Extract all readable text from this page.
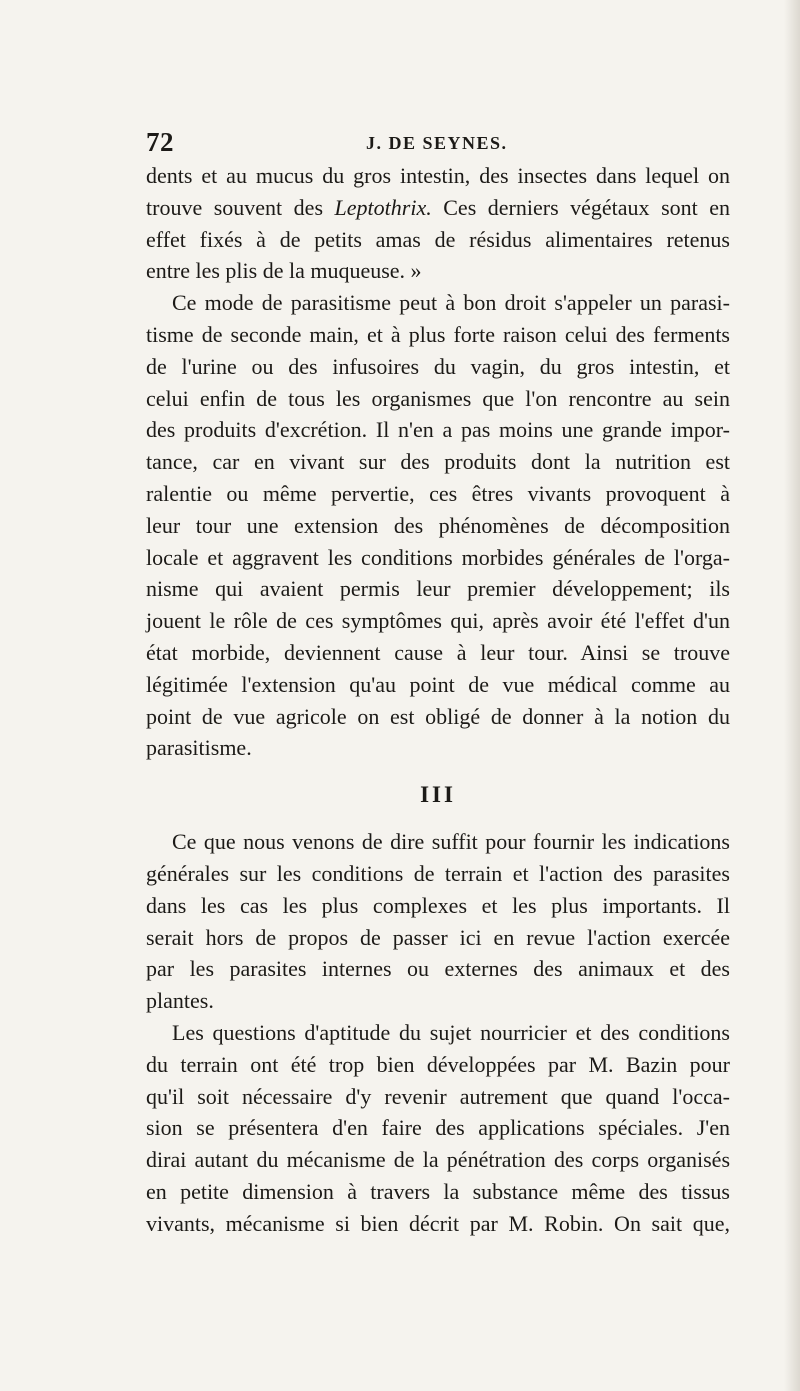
72	J. DE SEYNES.
dents et au mucus du gros intestin, des insectes dans lequel on
trouve souvent des Leptothrix. Ces derniers végétaux sont en
effet fixés à de petits amas de résidus alimentaires retenus
entre les plis de la muqueuse. »
Ce mode de parasitisme peut à bon droit s'appeler un parasi-
tisme de seconde main, et à plus forte raison celui des ferments
de l'urine ou des infusoires du vagin, du gros intestin, et
celui enfin de tous les organismes que l'on rencontre au sein
des produits d'excrétion. Il n'en a pas moins une grande impor-
tance, car en vivant sur des produits dont la nutrition est
ralentie ou même pervertie, ces êtres vivants provoquent à
leur tour une extension des phénomènes de décomposition
locale et aggravent les conditions morbides générales de l'orga-
nisme qui avaient permis leur premier développement; ils
jouent le rôle de ces symptômes qui, après avoir été l'effet d'un
état morbide, deviennent cause à leur tour. Ainsi se trouve
légitimée l'extension qu'au point de vue médical comme au
point de vue agricole on est obligé de donner à la notion du
parasitisme.
III
Ce que nous venons de dire suffit pour fournir les indications
générales sur les conditions de terrain et l'action des parasites
dans les cas les plus complexes et les plus importants. Il
serait hors de propos de passer ici en revue l'action exercée
par les parasites internes ou externes des animaux et des
plantes.
Les questions d'aptitude du sujet nourricier et des conditions
du terrain ont été trop bien développées par M. Bazin pour
qu'il soit nécessaire d'y revenir autrement que quand l'occa-
sion se présentera d'en faire des applications spéciales. J'en
dirai autant du mécanisme de la pénétration des corps organisés
en petite dimension à travers la substance même des tissus
vivants, mécanisme si bien décrit par M. Robin. On sait que,
